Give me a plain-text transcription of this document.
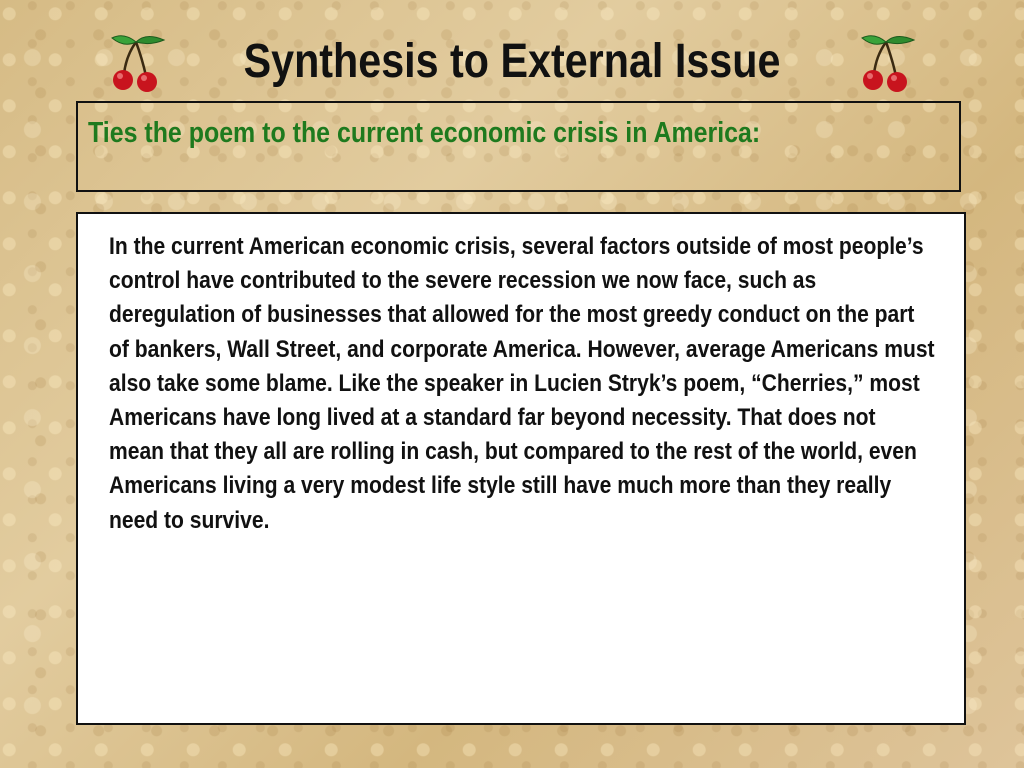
Synthesis to External Issue
Ties the poem to the current economic crisis in America:
In the current American economic crisis, several factors outside of most people’s control have contributed to the severe recession we now face, such as deregulation of businesses that allowed for the most greedy conduct on the part of bankers, Wall Street, and corporate America. However, average Americans must also take some blame. Like the speaker in Lucien Stryk’s poem, “Cherries,” most Americans have long lived at a standard far beyond necessity. That does not mean that they all are rolling in cash, but compared to the rest of the world, even Americans living a very modest life style still have much more than they really need to survive.
